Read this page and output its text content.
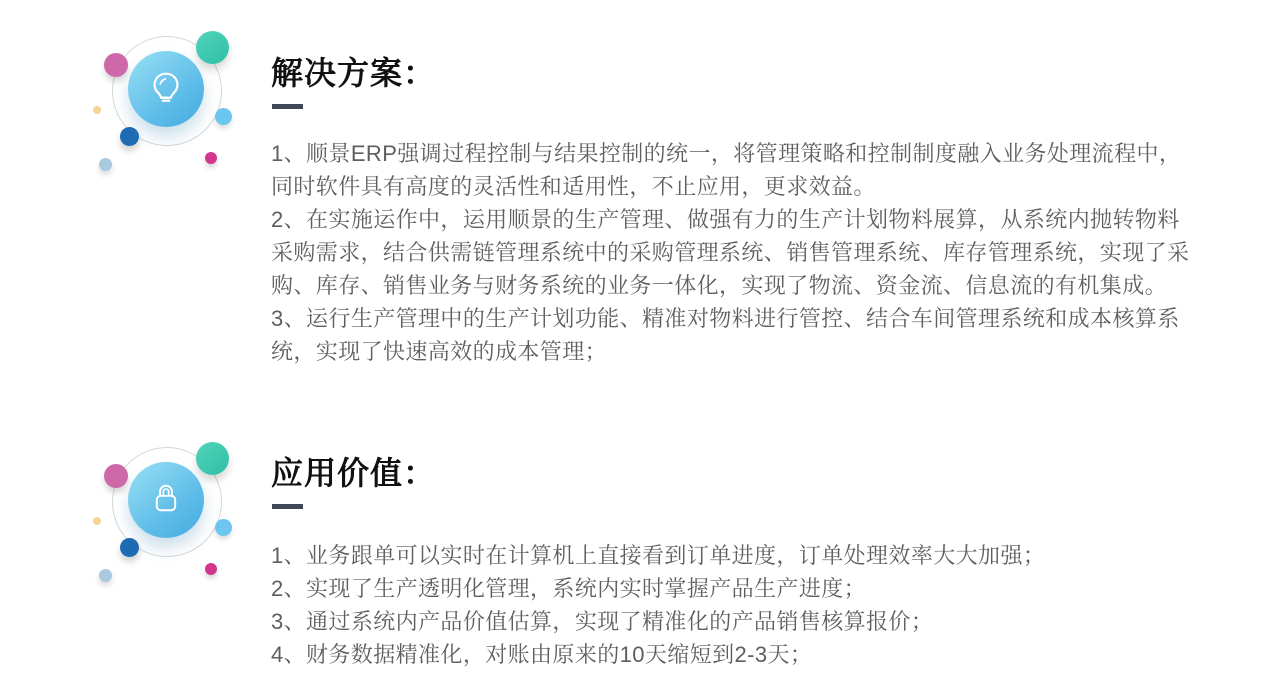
解决方案：
1、顺景ERP强调过程控制与结果控制的统一，将管理策略和控制制度融入业务处理流程中，
同时软件具有高度的灵活性和适用性，不止应用，更求效益。
2、在实施运作中，运用顺景的生产管理、做强有力的生产计划物料展算，从系统内抛转物料
采购需求，结合供需链管理系统中的采购管理系统、销售管理系统、库存管理系统，实现了采
购、库存、销售业务与财务系统的业务一体化，实现了物流、资金流、信息流的有机集成。
3、运行生产管理中的生产计划功能、精准对物料进行管控、结合车间管理系统和成本核算系
统，实现了快速高效的成本管理；
应用价值：
1、业务跟单可以实时在计算机上直接看到订单进度，订单处理效率大大加强；
2、实现了生产透明化管理，系统内实时掌握产品生产进度；
3、通过系统内产品价值估算，实现了精准化的产品销售核算报价；
4、财务数据精准化，对账由原来的10天缩短到2-3天；
